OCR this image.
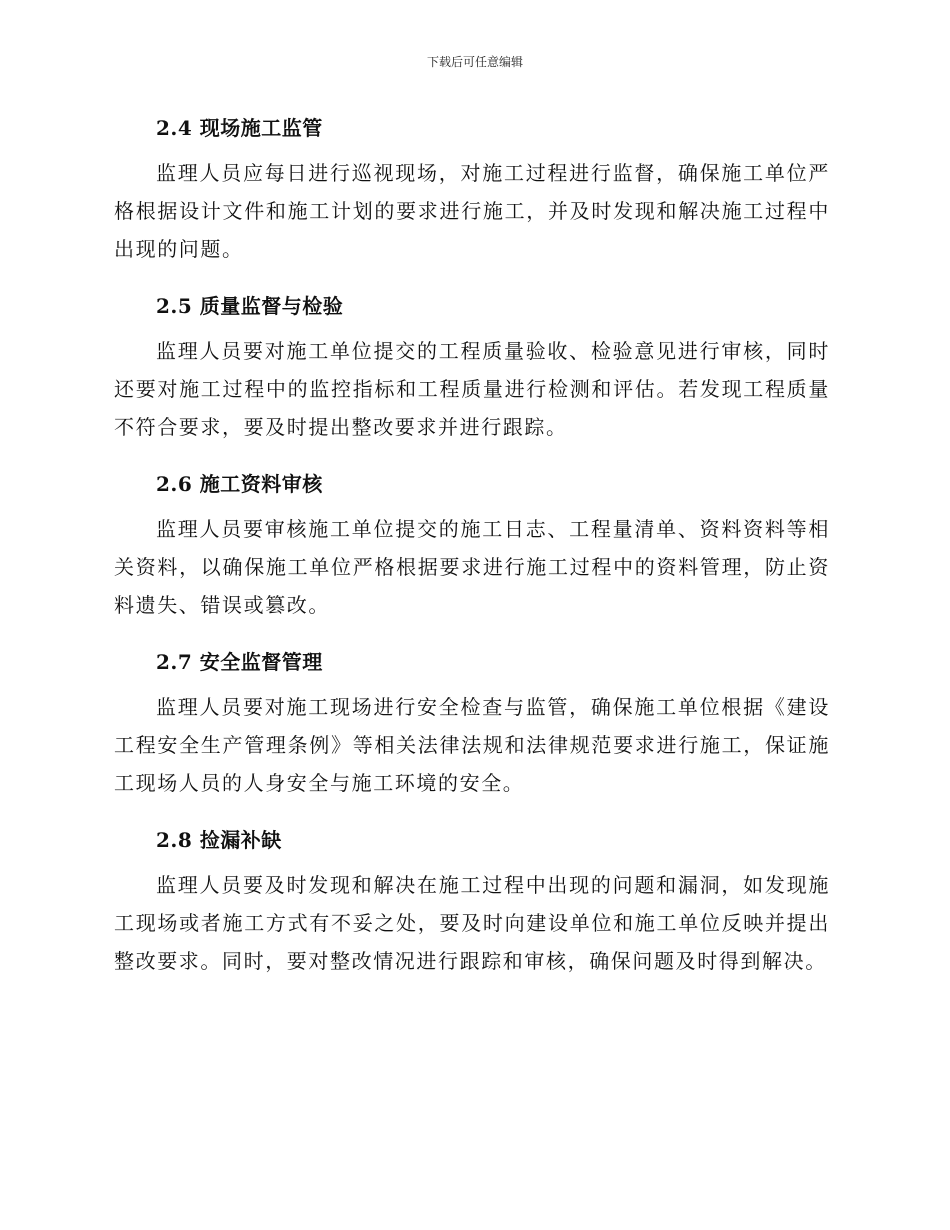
下载后可任意编辑
2.4 现场施工监管

监理人员应每日进行巡视现场，对施工过程进行监督，确保施工单位严格根据设计文件和施工计划的要求进行施工，并及时发现和解决施工过程中出现的问题。

2.5 质量监督与检验

监理人员要对施工单位提交的工程质量验收、检验意见进行审核，同时还要对施工过程中的监控指标和工程质量进行检测和评估。若发现工程质量不符合要求，要及时提出整改要求并进行跟踪。

2.6 施工资料审核

监理人员要审核施工单位提交的施工日志、工程量清单、资料资料等相关资料，以确保施工单位严格根据要求进行施工过程中的资料管理，防止资料遗失、错误或篡改。

2.7 安全监督管理

监理人员要对施工现场进行安全检查与监管，确保施工单位根据《建设工程安全生产管理条例》等相关法律法规和法律规范要求进行施工，保证施工现场人员的人身安全与施工环境的安全。

2.8 捡漏补缺

监理人员要及时发现和解决在施工过程中出现的问题和漏洞，如发现施工现场或者施工方式有不妥之处，要及时向建设单位和施工单位反映并提出整改要求。同时，要对整改情况进行跟踪和审核，确保问题及时得到解决。
